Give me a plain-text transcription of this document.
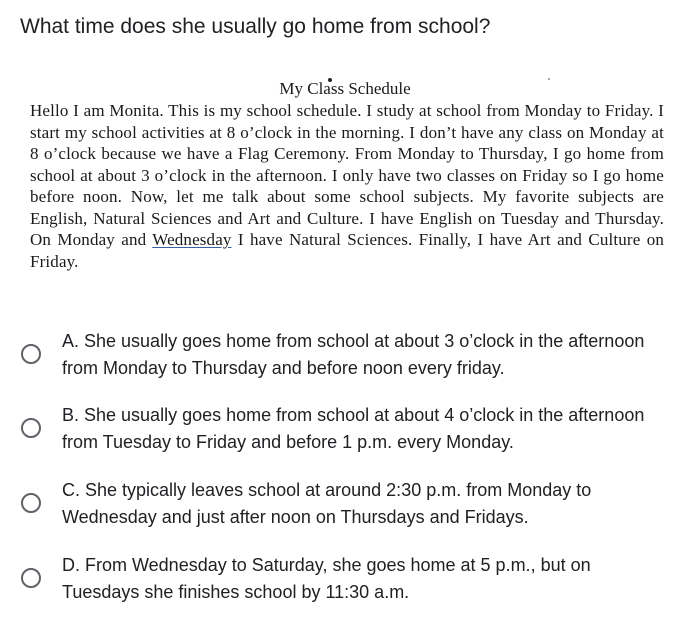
What time does she usually go home from school?
My Class Schedule
Hello I am Monita. This is my school schedule. I study at school from Monday to Friday. I start my school activities at 8 o’clock in the morning. I don’t have any class on Monday at 8 o’clock because we have a Flag Ceremony. From Monday to Thursday, I go home from school at about 3 o’clock in the afternoon. I only have two classes on Friday so I go home before noon. Now, let me talk about some school subjects. My favorite subjects are English, Natural Sciences and Art and Culture. I have English on Tuesday and Thursday. On Monday and Wednesday I have Natural Sciences. Finally, I have Art and Culture on Friday.
A. She usually goes home from school at about 3 o’clock in the afternoon from Monday to Thursday and before noon every friday.
B. She usually goes home from school at about 4 o’clock in the afternoon from Tuesday to Friday and before 1 p.m. every Monday.
C. She typically leaves school at around 2:30 p.m. from Monday to Wednesday and just after noon on Thursdays and Fridays.
D. From Wednesday to Saturday, she goes home at 5 p.m., but on Tuesdays she finishes school by 11:30 a.m.
